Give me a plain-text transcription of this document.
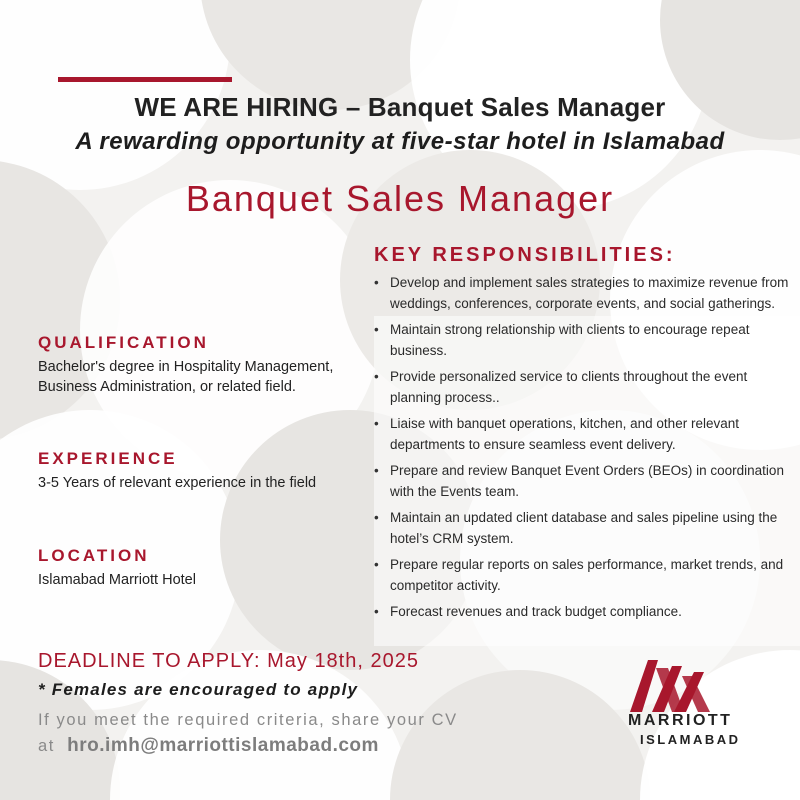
WE ARE HIRING – Banquet Sales Manager
A rewarding opportunity at five-star hotel in Islamabad
Banquet Sales Manager
KEY RESPONSIBILITIES:
• Develop and implement sales strategies to maximize revenue from weddings, conferences, corporate events, and social gatherings.
• Maintain strong relationship with clients to encourage repeat business.
• Provide personalized service to clients throughout the event planning process..
• Liaise with banquet operations, kitchen, and other relevant departments to ensure seamless event delivery.
• Prepare and review Banquet Event Orders (BEOs) in coordination with the Events team.
• Maintain an updated client database and sales pipeline using the hotel’s CRM system.
• Prepare regular reports on sales performance, market trends, and competitor activity.
• Forecast revenues and track budget compliance.
QUALIFICATION
Bachelor's degree in Hospitality Management, Business Administration, or related field.
EXPERIENCE
3-5 Years of relevant experience in the field
LOCATION
Islamabad Marriott Hotel
DEADLINE TO APPLY: May 18th, 2025
* Females are encouraged to apply
If you meet the required criteria, share your CV
at hro.imh@marriottislamabad.com
MARRIOTT
ISLAMABAD
